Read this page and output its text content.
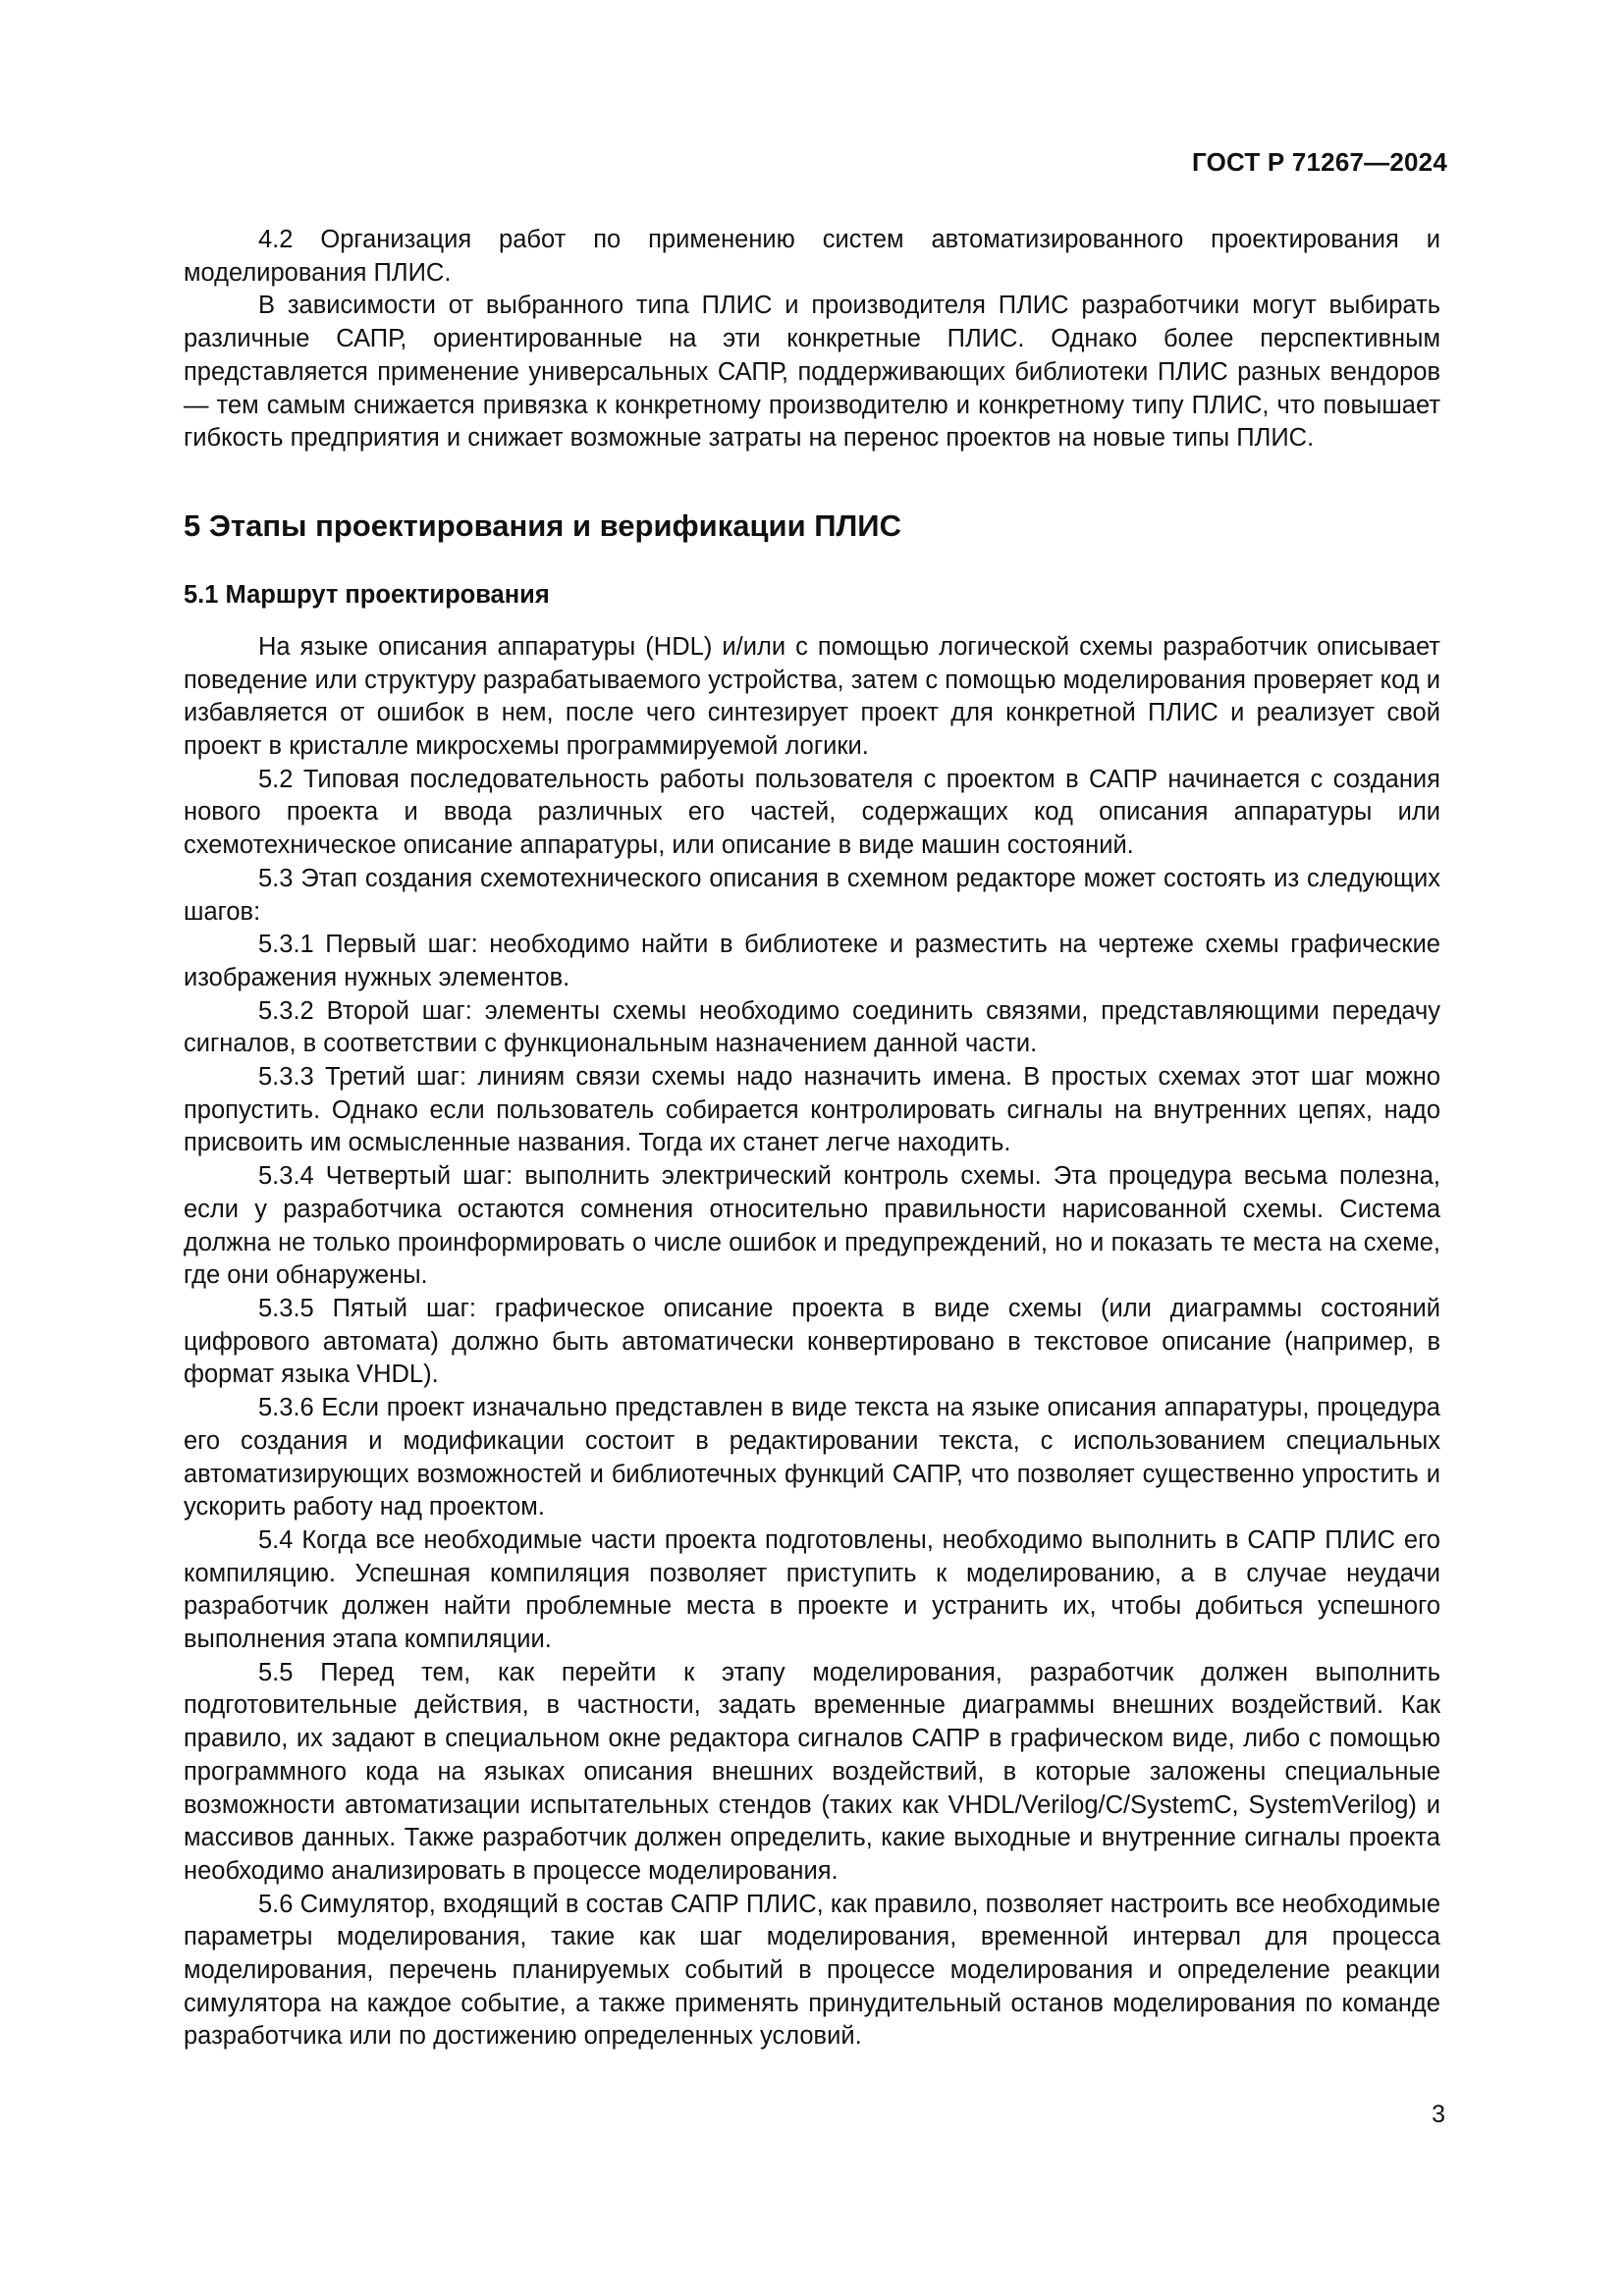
ГОСТ Р 71267—2024

4.2 Организация работ по применению систем автоматизированного проектирования и моделирования ПЛИС.

В зависимости от выбранного типа ПЛИС и производителя ПЛИС разработчики могут выбирать различные САПР, ориентированные на эти конкретные ПЛИС. Однако более перспективным представляется применение универсальных САПР, поддерживающих библиотеки ПЛИС разных вендоров — тем самым снижается привязка к конкретному производителю и конкретному типу ПЛИС, что повышает гибкость предприятия и снижает возможные затраты на перенос проектов на новые типы ПЛИС.

5 Этапы проектирования и верификации ПЛИС
5.1 Маршрут проектирования

На языке описания аппаратуры (HDL) и/или с помощью логической схемы разработчик описывает поведение или структуру разрабатываемого устройства, затем с помощью моделирования проверяет код и избавляется от ошибок в нем, после чего синтезирует проект для конкретной ПЛИС и реализует свой проект в кристалле микросхемы программируемой логики.

5.2 Типовая последовательность работы пользователя с проектом в САПР начинается с создания нового проекта и ввода различных его частей, содержащих код описания аппаратуры или схемотехническое описание аппаратуры, или описание в виде машин состояний.

5.3 Этап создания схемотехнического описания в схемном редакторе может состоять из следующих шагов:

5.3.1 Первый шаг: необходимо найти в библиотеке и разместить на чертеже схемы графические изображения нужных элементов.

5.3.2 Второй шаг: элементы схемы необходимо соединить связями, представляющими передачу сигналов, в соответствии с функциональным назначением данной части.

5.3.3 Третий шаг: линиям связи схемы надо назначить имена. В простых схемах этот шаг можно пропустить. Однако если пользователь собирается контролировать сигналы на внутренних цепях, надо присвоить им осмысленные названия. Тогда их станет легче находить.

5.3.4 Четвертый шаг: выполнить электрический контроль схемы. Эта процедура весьма полезна, если у разработчика остаются сомнения относительно правильности нарисованной схемы. Система должна не только проинформировать о числе ошибок и предупреждений, но и показать те места на схеме, где они обнаружены.

5.3.5 Пятый шаг: графическое описание проекта в виде схемы (или диаграммы состояний цифрового автомата) должно быть автоматически конвертировано в текстовое описание (например, в формат языка VHDL).

5.3.6 Если проект изначально представлен в виде текста на языке описания аппаратуры, процедура его создания и модификации состоит в редактировании текста, с использованием специальных автоматизирующих возможностей и библиотечных функций САПР, что позволяет существенно упростить и ускорить работу над проектом.

5.4 Когда все необходимые части проекта подготовлены, необходимо выполнить в САПР ПЛИС его компиляцию. Успешная компиляция позволяет приступить к моделированию, а в случае неудачи разработчик должен найти проблемные места в проекте и устранить их, чтобы добиться успешного выполнения этапа компиляции.

5.5 Перед тем, как перейти к этапу моделирования, разработчик должен выполнить подготовительные действия, в частности, задать временные диаграммы внешних воздействий. Как правило, их задают в специальном окне редактора сигналов САПР в графическом виде, либо с помощью программного кода на языках описания внешних воздействий, в которые заложены специальные возможности автоматизации испытательных стендов (таких как VHDL/Verilog/C/SystemC, SystemVerilog) и массивов данных. Также разработчик должен определить, какие выходные и внутренние сигналы проекта необходимо анализировать в процессе моделирования.

5.6 Симулятор, входящий в состав САПР ПЛИС, как правило, позволяет настроить все необходимые параметры моделирования, такие как шаг моделирования, временной интервал для процесса моделирования, перечень планируемых событий в процессе моделирования и определение реакции симулятора на каждое событие, а также применять принудительный останов моделирования по команде разработчика или по достижению определенных условий.

3
